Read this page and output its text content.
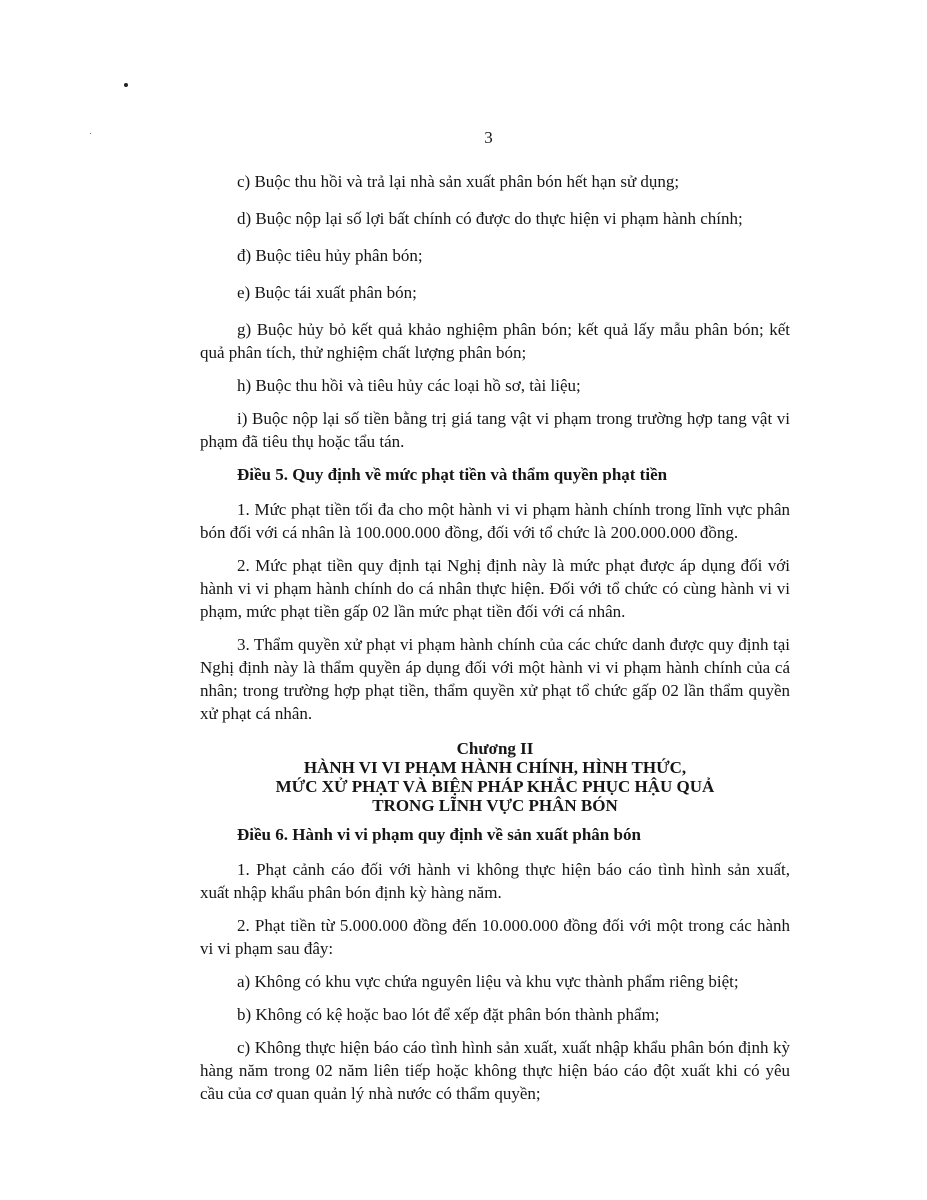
3

c) Buộc thu hồi và trả lại nhà sản xuất phân bón hết hạn sử dụng;

d) Buộc nộp lại số lợi bất chính có được do thực hiện vi phạm hành chính;

đ) Buộc tiêu hủy phân bón;

e) Buộc tái xuất phân bón;

g) Buộc hủy bỏ kết quả khảo nghiệm phân bón; kết quả lấy mẫu phân bón; kết quả phân tích, thử nghiệm chất lượng phân bón;

h) Buộc thu hồi và tiêu hủy các loại hồ sơ, tài liệu;

i) Buộc nộp lại số tiền bằng trị giá tang vật vi phạm trong trường hợp tang vật vi phạm đã tiêu thụ hoặc tẩu tán.

Điều 5. Quy định về mức phạt tiền và thẩm quyền phạt tiền

1. Mức phạt tiền tối đa cho một hành vi vi phạm hành chính trong lĩnh vực phân bón đối với cá nhân là 100.000.000 đồng, đối với tổ chức là 200.000.000 đồng.

2. Mức phạt tiền quy định tại Nghị định này là mức phạt được áp dụng đối với hành vi vi phạm hành chính do cá nhân thực hiện. Đối với tổ chức có cùng hành vi vi phạm, mức phạt tiền gấp 02 lần mức phạt tiền đối với cá nhân.

3. Thẩm quyền xử phạt vi phạm hành chính của các chức danh được quy định tại Nghị định này là thẩm quyền áp dụng đối với một hành vi vi phạm hành chính của cá nhân; trong trường hợp phạt tiền, thẩm quyền xử phạt tổ chức gấp 02 lần thẩm quyền xử phạt cá nhân.

Chương II
HÀNH VI VI PHẠM HÀNH CHÍNH, HÌNH THỨC,
MỨC XỬ PHẠT VÀ BIỆN PHÁP KHẮC PHỤC HẬU QUẢ
TRONG LĨNH VỰC PHÂN BÓN

Điều 6. Hành vi vi phạm quy định về sản xuất phân bón

1. Phạt cảnh cáo đối với hành vi không thực hiện báo cáo tình hình sản xuất, xuất nhập khẩu phân bón định kỳ hàng năm.

2. Phạt tiền từ 5.000.000 đồng đến 10.000.000 đồng đối với một trong các hành vi vi phạm sau đây:

a) Không có khu vực chứa nguyên liệu và khu vực thành phẩm riêng biệt;

b) Không có kệ hoặc bao lót để xếp đặt phân bón thành phẩm;

c) Không thực hiện báo cáo tình hình sản xuất, xuất nhập khẩu phân bón định kỳ hàng năm trong 02 năm liên tiếp hoặc không thực hiện báo cáo đột xuất khi có yêu cầu của cơ quan quản lý nhà nước có thẩm quyền;
